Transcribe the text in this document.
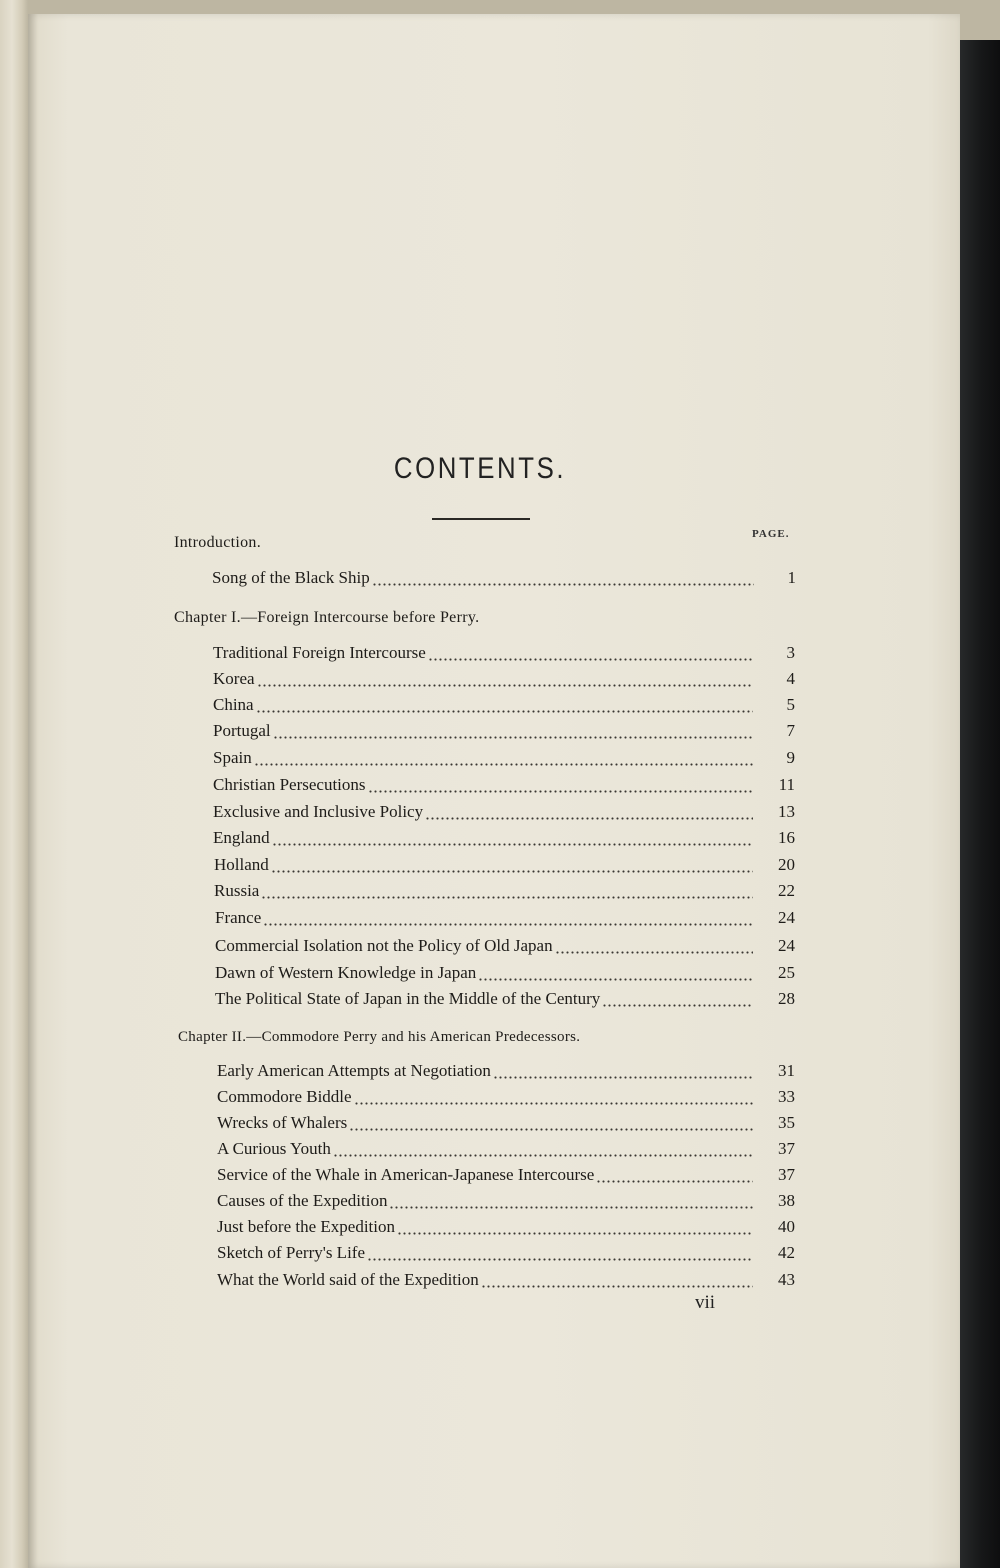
CONTENTS.
PAGE.
Introduction.
Song of the Black Ship	1
Chapter I.—Foreign Intercourse before Perry.
Traditional Foreign Intercourse	3
Korea	4
China	5
Portugal	7
Spain	9
Christian Persecutions	11
Exclusive and Inclusive Policy	13
England	16
Holland	20
Russia	22
France	24
Commercial Isolation not the Policy of Old Japan	24
Dawn of Western Knowledge in Japan	25
The Political State of Japan in the Middle of the Century	28
Chapter II.—Commodore Perry and his American Predecessors.
Early American Attempts at Negotiation	31
Commodore Biddle	33
Wrecks of Whalers	35
A Curious Youth	37
Service of the Whale in American-Japanese Intercourse	37
Causes of the Expedition	38
Just before the Expedition	40
Sketch of Perry's Life	42
What the World said of the Expedition	43
vii
